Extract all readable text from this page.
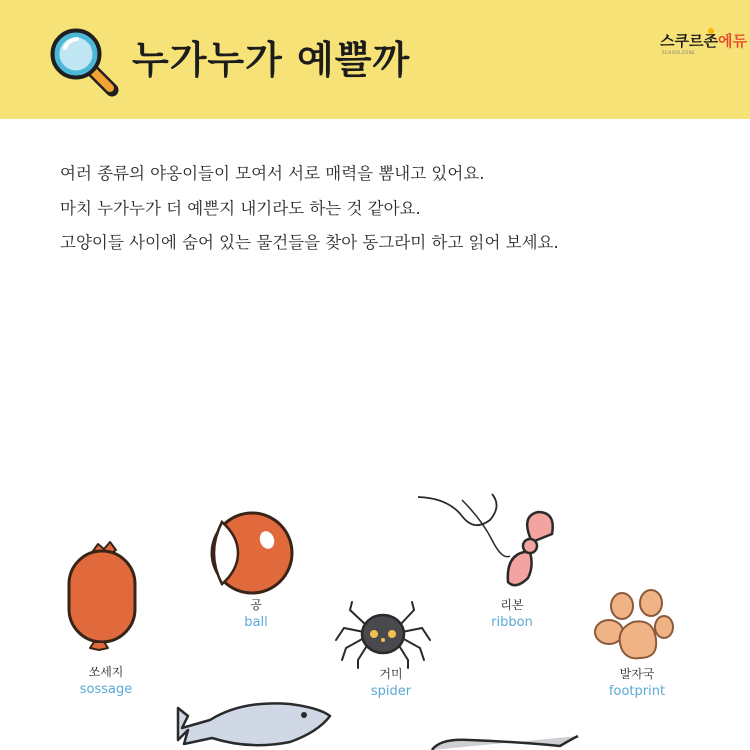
누가누가 예쁠까	스쿠르존에듀
SCHOOLZONE

여러 종류의 야옹이들이 모여서 서로 매력을 뽐내고 있어요.

마치 누가누가 더 예쁜지 내기라도 하는 것 같아요.

고양이들 사이에 숨어 있는 물건들을 찾아 동그라미 하고 읽어 보세요.

쏘세지
sossage
공
ball
거미
spider
리본
ribbon
발자국
footprint
